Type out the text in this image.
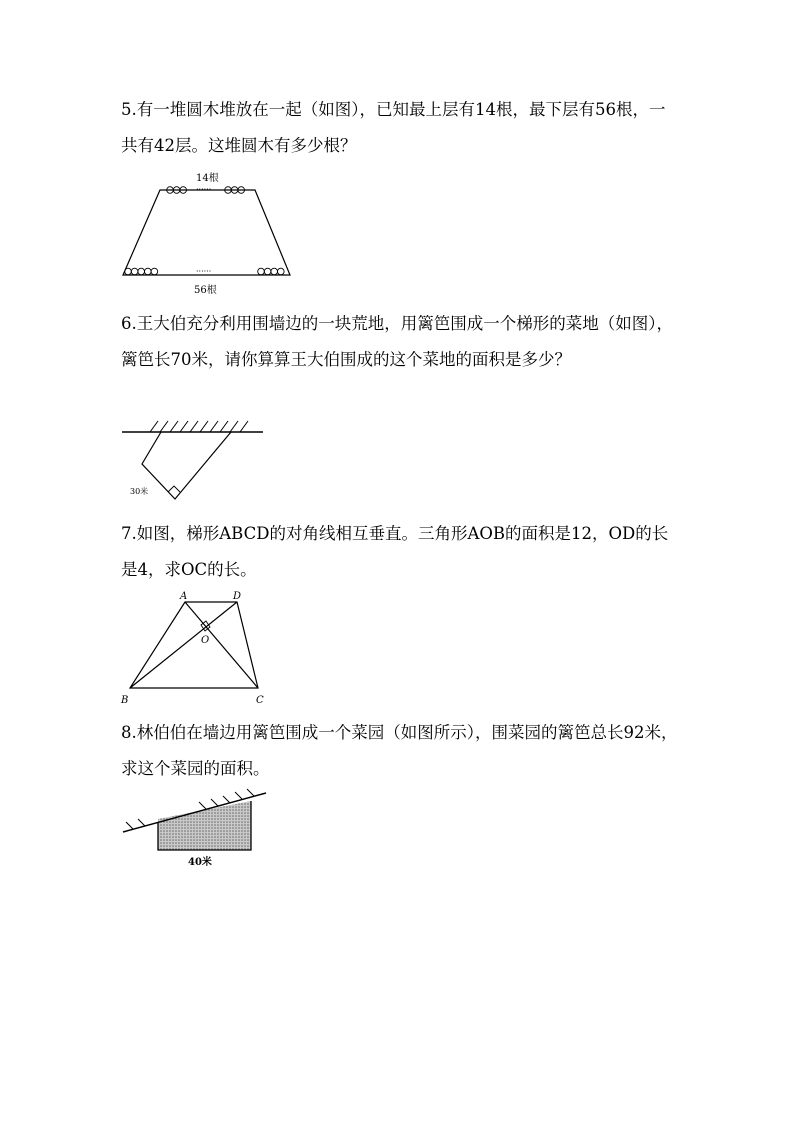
5.有一堆圆木堆放在一起（如图），已知最上层有14根，最下层有56根，一共有42层。这堆圆木有多少根？

14根
······
······
56根

6.王大伯充分利用围墙边的一块荒地，用篱笆围成一个梯形的菜地（如图），篱笆长70米，请你算算王大伯围成的这个菜地的面积是多少？

30米

7.如图，梯形ABCD的对角线相互垂直。三角形AOB的面积是12，OD的长是4，求OC的长。

A	D
O
B	C

8.林伯伯在墙边用篱笆围成一个菜园（如图所示），围菜园的篱笆总长92米，求这个菜园的面积。

40米
